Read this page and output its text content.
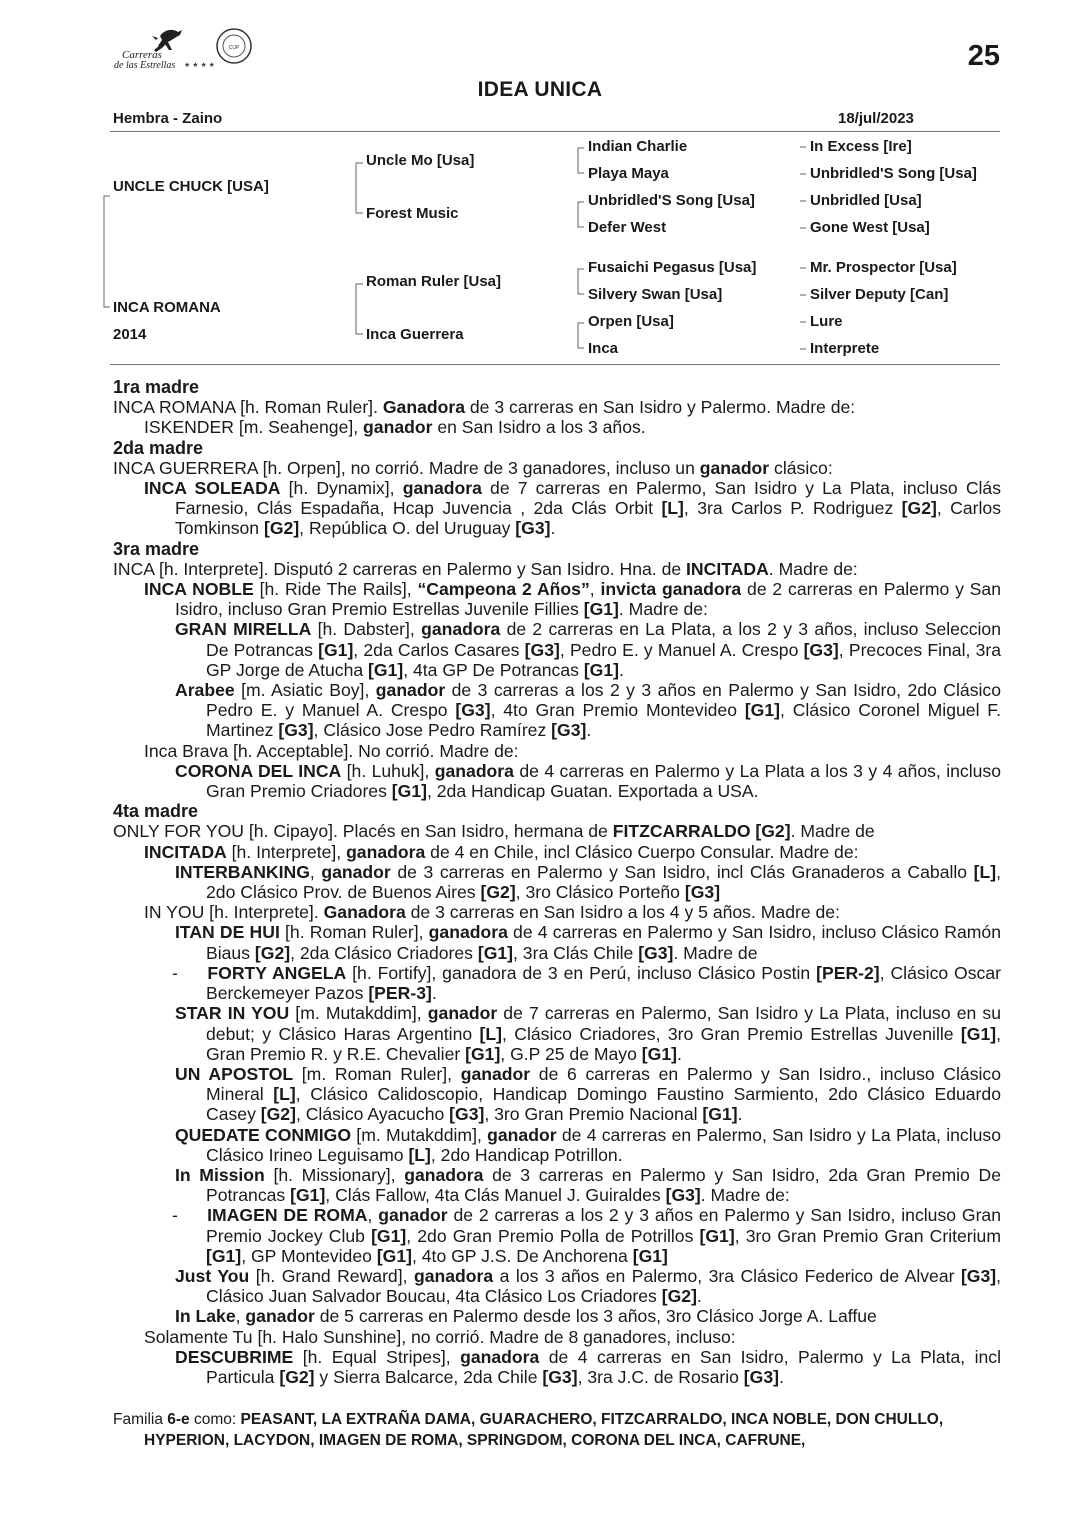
Carreras
de las Estrellas ★ ★ ★ ★
CUP	25
IDEA UNICA
Hembra - Zaino	18/jul/2023
UNCLE CHUCK [USA]
INCA ROMANA
2014
Uncle Mo [Usa]
Forest Music
Roman Ruler [Usa]
Inca Guerrera
Indian Charlie
Playa Maya
Unbridled'S Song [Usa]
Defer West
Fusaichi Pegasus [Usa]
Silvery Swan [Usa]
Orpen [Usa]
Inca
In Excess [Ire]
Unbridled'S Song [Usa]
Unbridled [Usa]
Gone West [Usa]
Mr. Prospector [Usa]
Silver Deputy [Can]
Lure
Interprete

1ra madre

INCA ROMANA [h. Roman Ruler]. Ganadora de 3 carreras en San Isidro y Palermo. Madre de:

ISKENDER [m. Seahenge], ganador en San Isidro a los 3 años.

2da madre

INCA GUERRERA [h. Orpen], no corrió. Madre de 3 ganadores, incluso un ganador clásico:

INCA SOLEADA [h. Dynamix], ganadora de 7 carreras en Palermo, San Isidro y La Plata, incluso Clás Farnesio, Clás Espadaña, Hcap Juvencia , 2da Clás Orbit [L], 3ra Carlos P. Rodriguez [G2], Carlos Tomkinson [G2], República O. del Uruguay [G3].

3ra madre

INCA [h. Interprete]. Disputó 2 carreras en Palermo y San Isidro. Hna. de INCITADA. Madre de:

INCA NOBLE [h. Ride The Rails], “Campeona 2 Años”, invicta ganadora de 2 carreras en Palermo y San Isidro, incluso Gran Premio Estrellas Juvenile Fillies [G1]. Madre de:

GRAN MIRELLA [h. Dabster], ganadora de 2 carreras en La Plata, a los 2 y 3 años, incluso Seleccion De Potrancas [G1], 2da Carlos Casares [G3], Pedro E. y Manuel A. Crespo [G3], Precoces Final, 3ra GP Jorge de Atucha [G1], 4ta GP De Potrancas [G1].

Arabee [m. Asiatic Boy], ganador de 3 carreras a los 2 y 3 años en Palermo y San Isidro, 2do Clásico Pedro E. y Manuel A. Crespo [G3], 4to Gran Premio Montevideo [G1], Clásico Coronel Miguel F. Martinez [G3], Clásico Jose Pedro Ramírez [G3].

Inca Brava [h. Acceptable]. No corrió. Madre de:

CORONA DEL INCA [h. Luhuk], ganadora de 4 carreras en Palermo y La Plata a los 3 y 4 años, incluso Gran Premio Criadores [G1], 2da Handicap Guatan. Exportada a USA.

4ta madre

ONLY FOR YOU [h. Cipayo]. Placés en San Isidro, hermana de FITZCARRALDO [G2]. Madre de

INCITADA [h. Interprete], ganadora de 4 en Chile, incl Clásico Cuerpo Consular. Madre de:

INTERBANKING, ganador de 3 carreras en Palermo y San Isidro, incl Clás Granaderos a Caballo [L], 2do Clásico Prov. de Buenos Aires [G2], 3ro Clásico Porteño [G3]

IN YOU [h. Interprete]. Ganadora de 3 carreras en San Isidro a los 4 y 5 años. Madre de:

ITAN DE HUI [h. Roman Ruler], ganadora de 4 carreras en Palermo y San Isidro, incluso Clásico Ramón Biaus [G2], 2da Clásico Criadores [G1], 3ra Clás Chile [G3]. Madre de

-     FORTY ANGELA [h. Fortify], ganadora de 3 en Perú, incluso Clásico Postin [PER-2], Clásico Oscar Berckemeyer Pazos [PER-3].

STAR IN YOU [m. Mutakddim], ganador de 7 carreras en Palermo, San Isidro y La Plata, incluso en su debut; y Clásico Haras Argentino [L], Clásico Criadores, 3ro Gran Premio Estrellas Juvenille [G1], Gran Premio R. y R.E. Chevalier [G1], G.P 25 de Mayo [G1].

UN APOSTOL [m. Roman Ruler], ganador de 6 carreras en Palermo y San Isidro., incluso Clásico Mineral [L], Clásico Calidoscopio, Handicap Domingo Faustino Sarmiento, 2do Clásico Eduardo Casey [G2], Clásico Ayacucho [G3], 3ro Gran Premio Nacional [G1].

QUEDATE CONMIGO [m. Mutakddim], ganador de 4 carreras en Palermo, San Isidro y La Plata, incluso Clásico Irineo Leguisamo [L], 2do Handicap Potrillon.

In Mission [h. Missionary], ganadora de 3 carreras en Palermo y San Isidro, 2da Gran Premio De Potrancas [G1], Clás Fallow, 4ta Clás Manuel J. Guiraldes [G3]. Madre de:

-     IMAGEN DE ROMA, ganador de 2 carreras a los 2 y 3 años en Palermo y San Isidro, incluso Gran Premio Jockey Club [G1], 2do Gran Premio Polla de Potrillos [G1], 3ro Gran Premio Gran Criterium [G1], GP Montevideo [G1], 4to GP J.S. De Anchorena [G1]

Just You [h. Grand Reward], ganadora a los 3 años en Palermo, 3ra Clásico Federico de Alvear [G3], Clásico Juan Salvador Boucau, 4ta Clásico Los Criadores [G2].

In Lake, ganador de 5 carreras en Palermo desde los 3 años, 3ro Clásico Jorge A. Laffue

Solamente Tu [h. Halo Sunshine], no corrió. Madre de 8 ganadores, incluso:

DESCUBRIME [h. Equal Stripes], ganadora de 4 carreras en San Isidro, Palermo y La Plata, incl Particula [G2] y Sierra Balcarce, 2da Chile [G3], 3ra J.C. de Rosario [G3].

Familia 6-e como: PEASANT, LA EXTRAÑA DAMA, GUARACHERO, FITZCARRALDO, INCA NOBLE, DON CHULLO, HYPERION, LACYDON, IMAGEN DE ROMA, SPRINGDOM, CORONA DEL INCA, CAFRUNE,
